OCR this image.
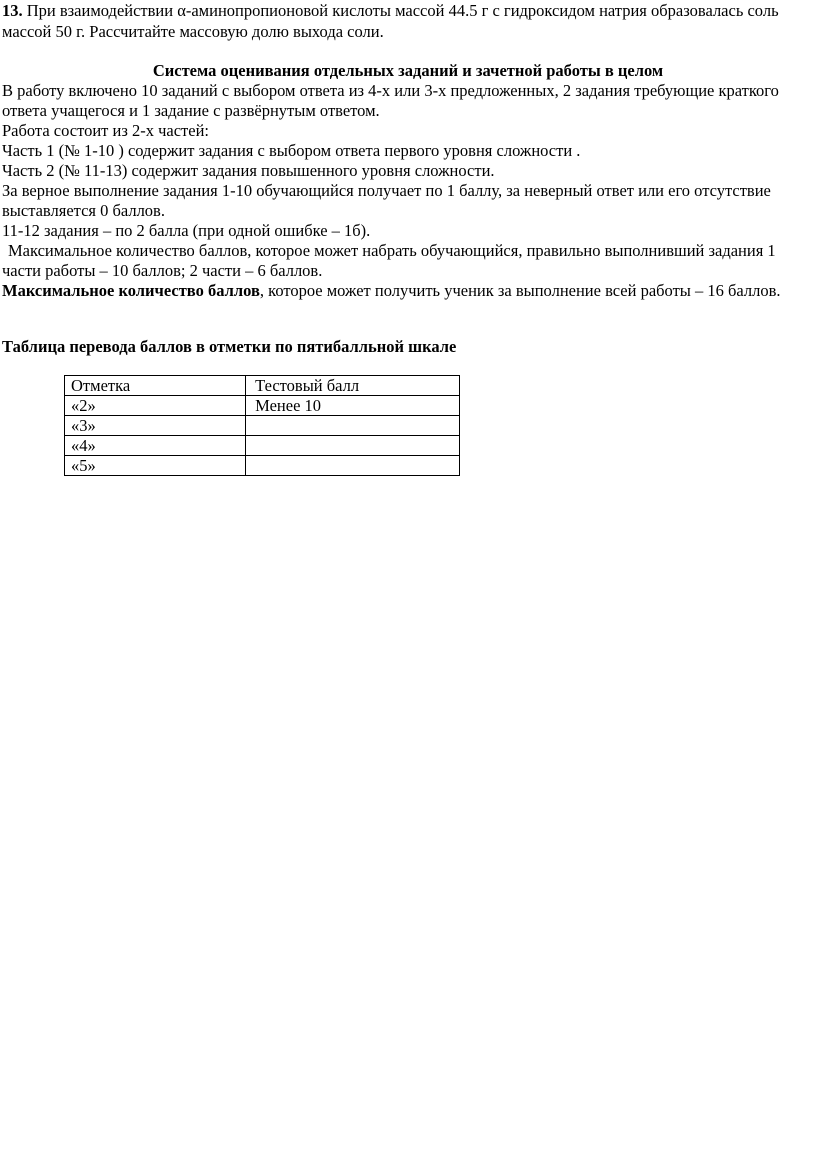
13. При взаимодействии α-аминопропионовой кислоты массой 44.5 г с гидроксидом натрия образовалась соль массой 50 г. Рассчитайте массовую долю выхода соли.
Система оценивания отдельных заданий и зачетной работы в целом

В работу включено 10 заданий с выбором ответа из 4-х или 3-х предложенных, 2 задания требующие краткого ответа учащегося и 1 задание с развёрнутым ответом.

Работа состоит из 2-х частей:

Часть 1 (№ 1-10 ) содержит задания с выбором ответа первого уровня сложности .

Часть 2 (№ 11-13) содержит задания повышенного уровня сложности.

За верное выполнение задания 1-10 обучающийся получает по 1 баллу, за неверный ответ или его отсутствие выставляется 0 баллов.

11-12 задания – по 2 балла (при одной ошибке – 1б).

Максимальное количество баллов, которое может набрать обучающийся, правильно выполнивший задания 1 части работы – 10 баллов; 2 части – 6 баллов.

Максимальное количество баллов, которое может получить ученик за выполнение всей работы – 16 баллов.

Таблица перевода баллов в отметки по пятибалльной шкале
Отметка	Тестовый балл
«2»	Менее 10
«3»	
«4»	
«5»	
